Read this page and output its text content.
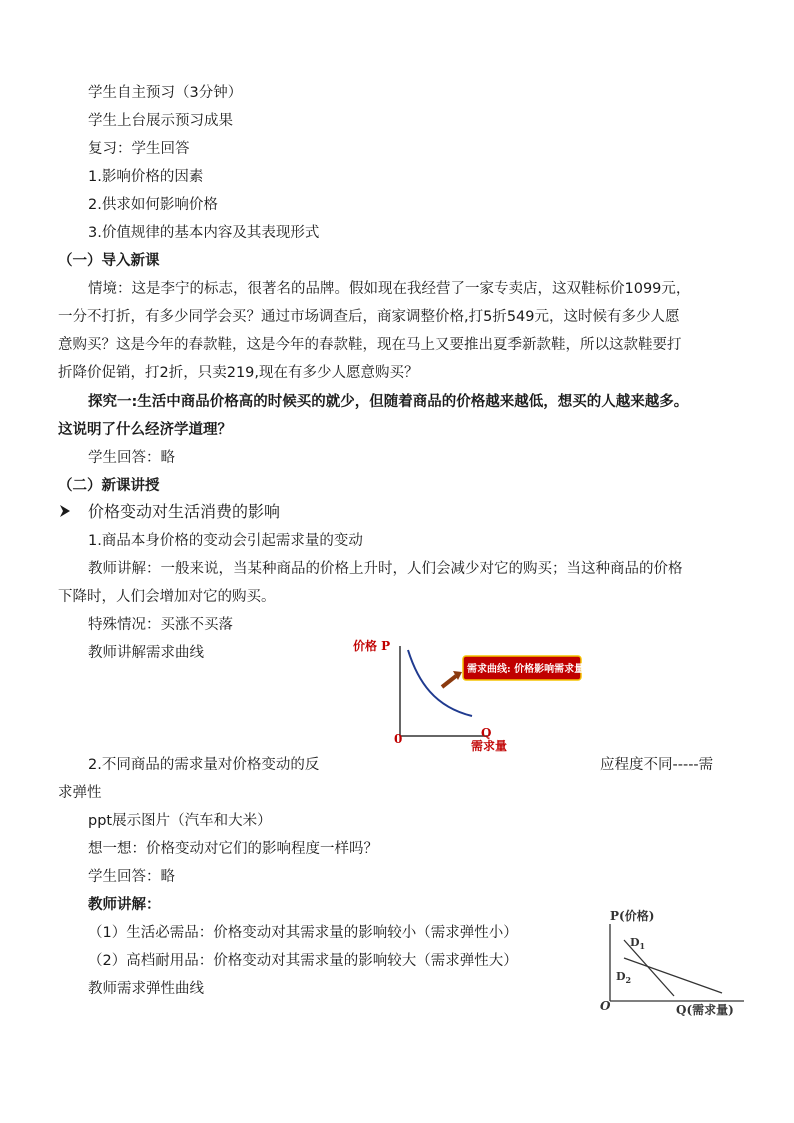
学生自主预习（3分钟）
学生上台展示预习成果
复习：学生回答
1.影响价格的因素
2.供求如何影响价格
3.价值规律的基本内容及其表现形式
（一）导入新课
情境：这是李宁的标志，很著名的品牌。假如现在我经营了一家专卖店，这双鞋标价1099元，
一分不打折，有多少同学会买？通过市场调查后，商家调整价格,打5折549元，这时候有多少人愿
意购买？这是今年的春款鞋，这是今年的春款鞋，现在马上又要推出夏季新款鞋，所以这款鞋要打
折降价促销，打2折，只卖219,现在有多少人愿意购买？
探究一:生活中商品价格高的时候买的就少，但随着商品的价格越来越低，想买的人越来越多。
这说明了什么经济学道理？
学生回答：略
（二）新课讲授
价格变动对生活消费的影响
1.商品本身价格的变动会引起需求量的变动
教师讲解：一般来说，当某种商品的价格上升时，人们会减少对它的购买；当这种商品的价格
下降时，人们会增加对它的购买。
特殊情况：买涨不买落
教师讲解需求曲线	价格 P
0	Q
需求量
需求曲线: 价格影响需求量.
2.不同商品的需求量对价格变动的反	应程度不同-----需
求弹性
ppt展示图片（汽车和大米）
想一想：价格变动对它们的影响程度一样吗？
学生回答：略
教师讲解：
（1）生活必需品：价格变动对其需求量的影响较小（需求弹性小）
（2）高档耐用品：价格变动对其需求量的影响较大（需求弹性大）
教师需求弹性曲线
P(价格)
$D_1$
$D_2$
O	Q(需求量)
